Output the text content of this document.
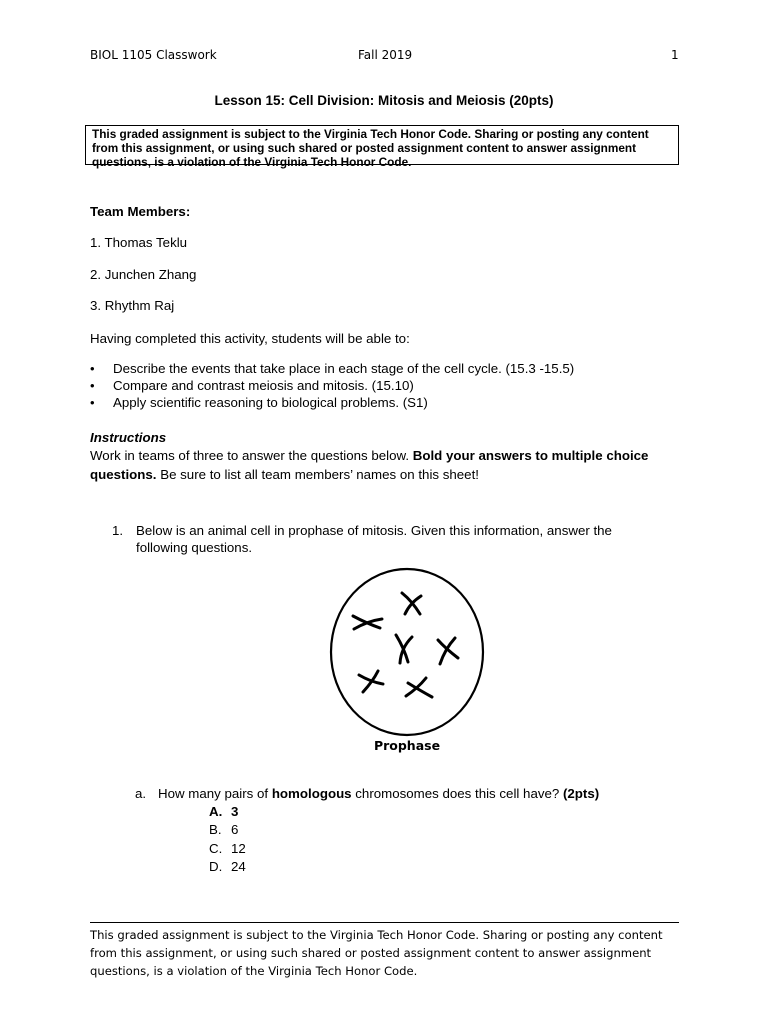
BIOL 1105 Classwork	Fall 2019	1
Lesson 15: Cell Division: Mitosis and Meiosis (20pts)
This graded assignment is subject to the Virginia Tech Honor Code. Sharing or posting any content from this assignment, or using such shared or posted assignment content to answer assignment questions, is a violation of the Virginia Tech Honor Code.
Team Members:
1. Thomas Teklu
2. Junchen Zhang
3. Rhythm Raj
Having completed this activity, students will be able to:
•	Describe the events that take place in each stage of the cell cycle. (15.3 -15.5)
•	Compare and contrast meiosis and mitosis. (15.10)
•	Apply scientific reasoning to biological problems. (S1)
Instructions
Work in teams of three to answer the questions below. Bold your answers to multiple choice questions. Be sure to list all team members’ names on this sheet!
1. Below is an animal cell in prophase of mitosis. Given this information, answer the following questions.
Prophase
a. How many pairs of homologous chromosomes does this cell have? (2pts)
A. 3
B. 6
C. 12
D. 24
This graded assignment is subject to the Virginia Tech Honor Code. Sharing or posting any content from this assignment, or using such shared or posted assignment content to answer assignment questions, is a violation of the Virginia Tech Honor Code.
